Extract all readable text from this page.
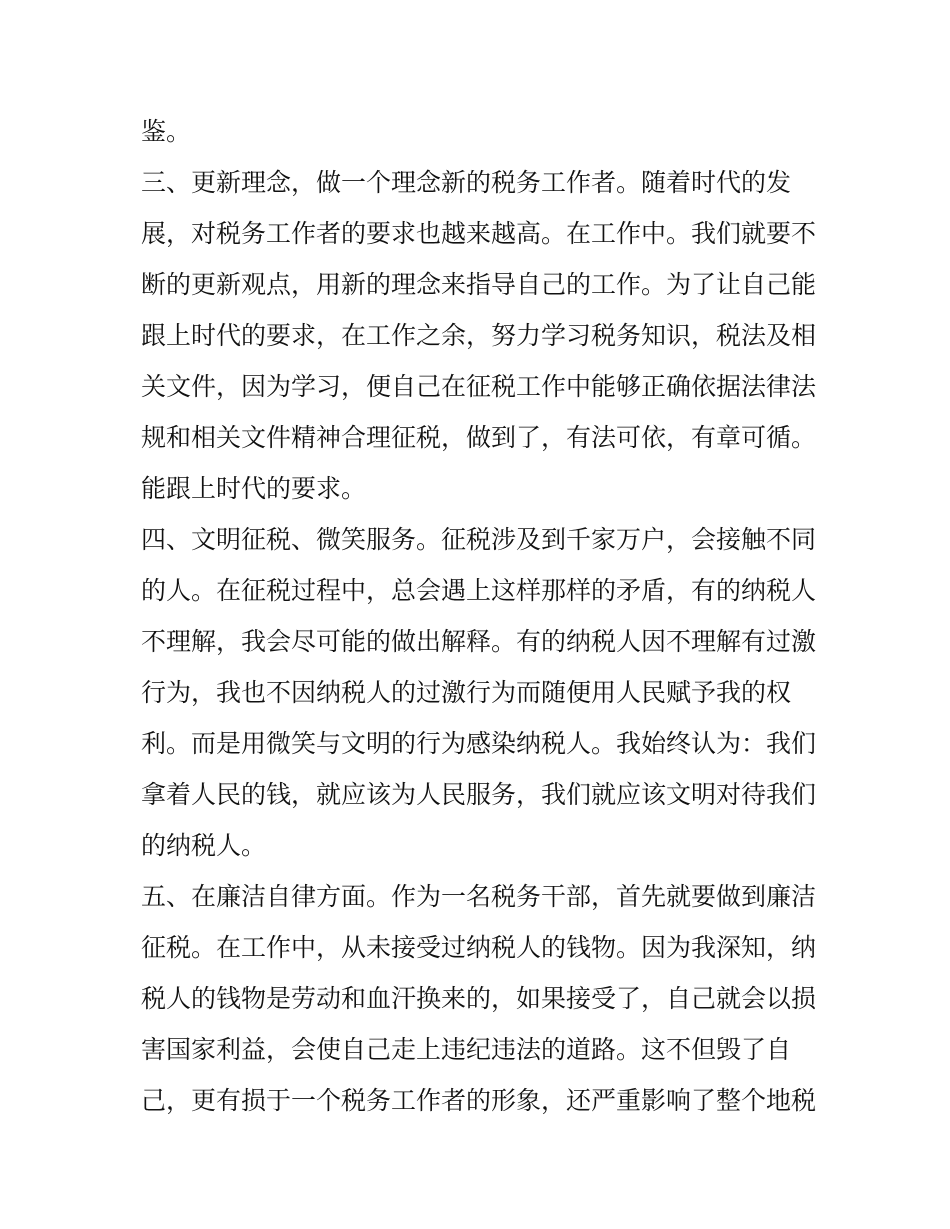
鉴。
三、更新理念，做一个理念新的税务工作者。随着时代的发
展，对税务工作者的要求也越来越高。在工作中。我们就要不
断的更新观点，用新的理念来指导自己的工作。为了让自己能
跟上时代的要求，在工作之余，努力学习税务知识，税法及相
关文件，因为学习，便自己在征税工作中能够正确依据法律法
规和相关文件精神合理征税，做到了，有法可依，有章可循。
能跟上时代的要求。
四、文明征税、微笑服务。征税涉及到千家万户，会接触不同
的人。在征税过程中，总会遇上这样那样的矛盾，有的纳税人
不理解，我会尽可能的做出解释。有的纳税人因不理解有过激
行为，我也不因纳税人的过激行为而随便用人民赋予我的权
利。而是用微笑与文明的行为感染纳税人。我始终认为：我们
拿着人民的钱，就应该为人民服务，我们就应该文明对待我们
的纳税人。
五、在廉洁自律方面。作为一名税务干部，首先就要做到廉洁
征税。在工作中，从未接受过纳税人的钱物。因为我深知，纳
税人的钱物是劳动和血汗换来的，如果接受了，自己就会以损
害国家利益，会使自己走上违纪违法的道路。这不但毁了自
己，更有损于一个税务工作者的形象，还严重影响了整个地税
